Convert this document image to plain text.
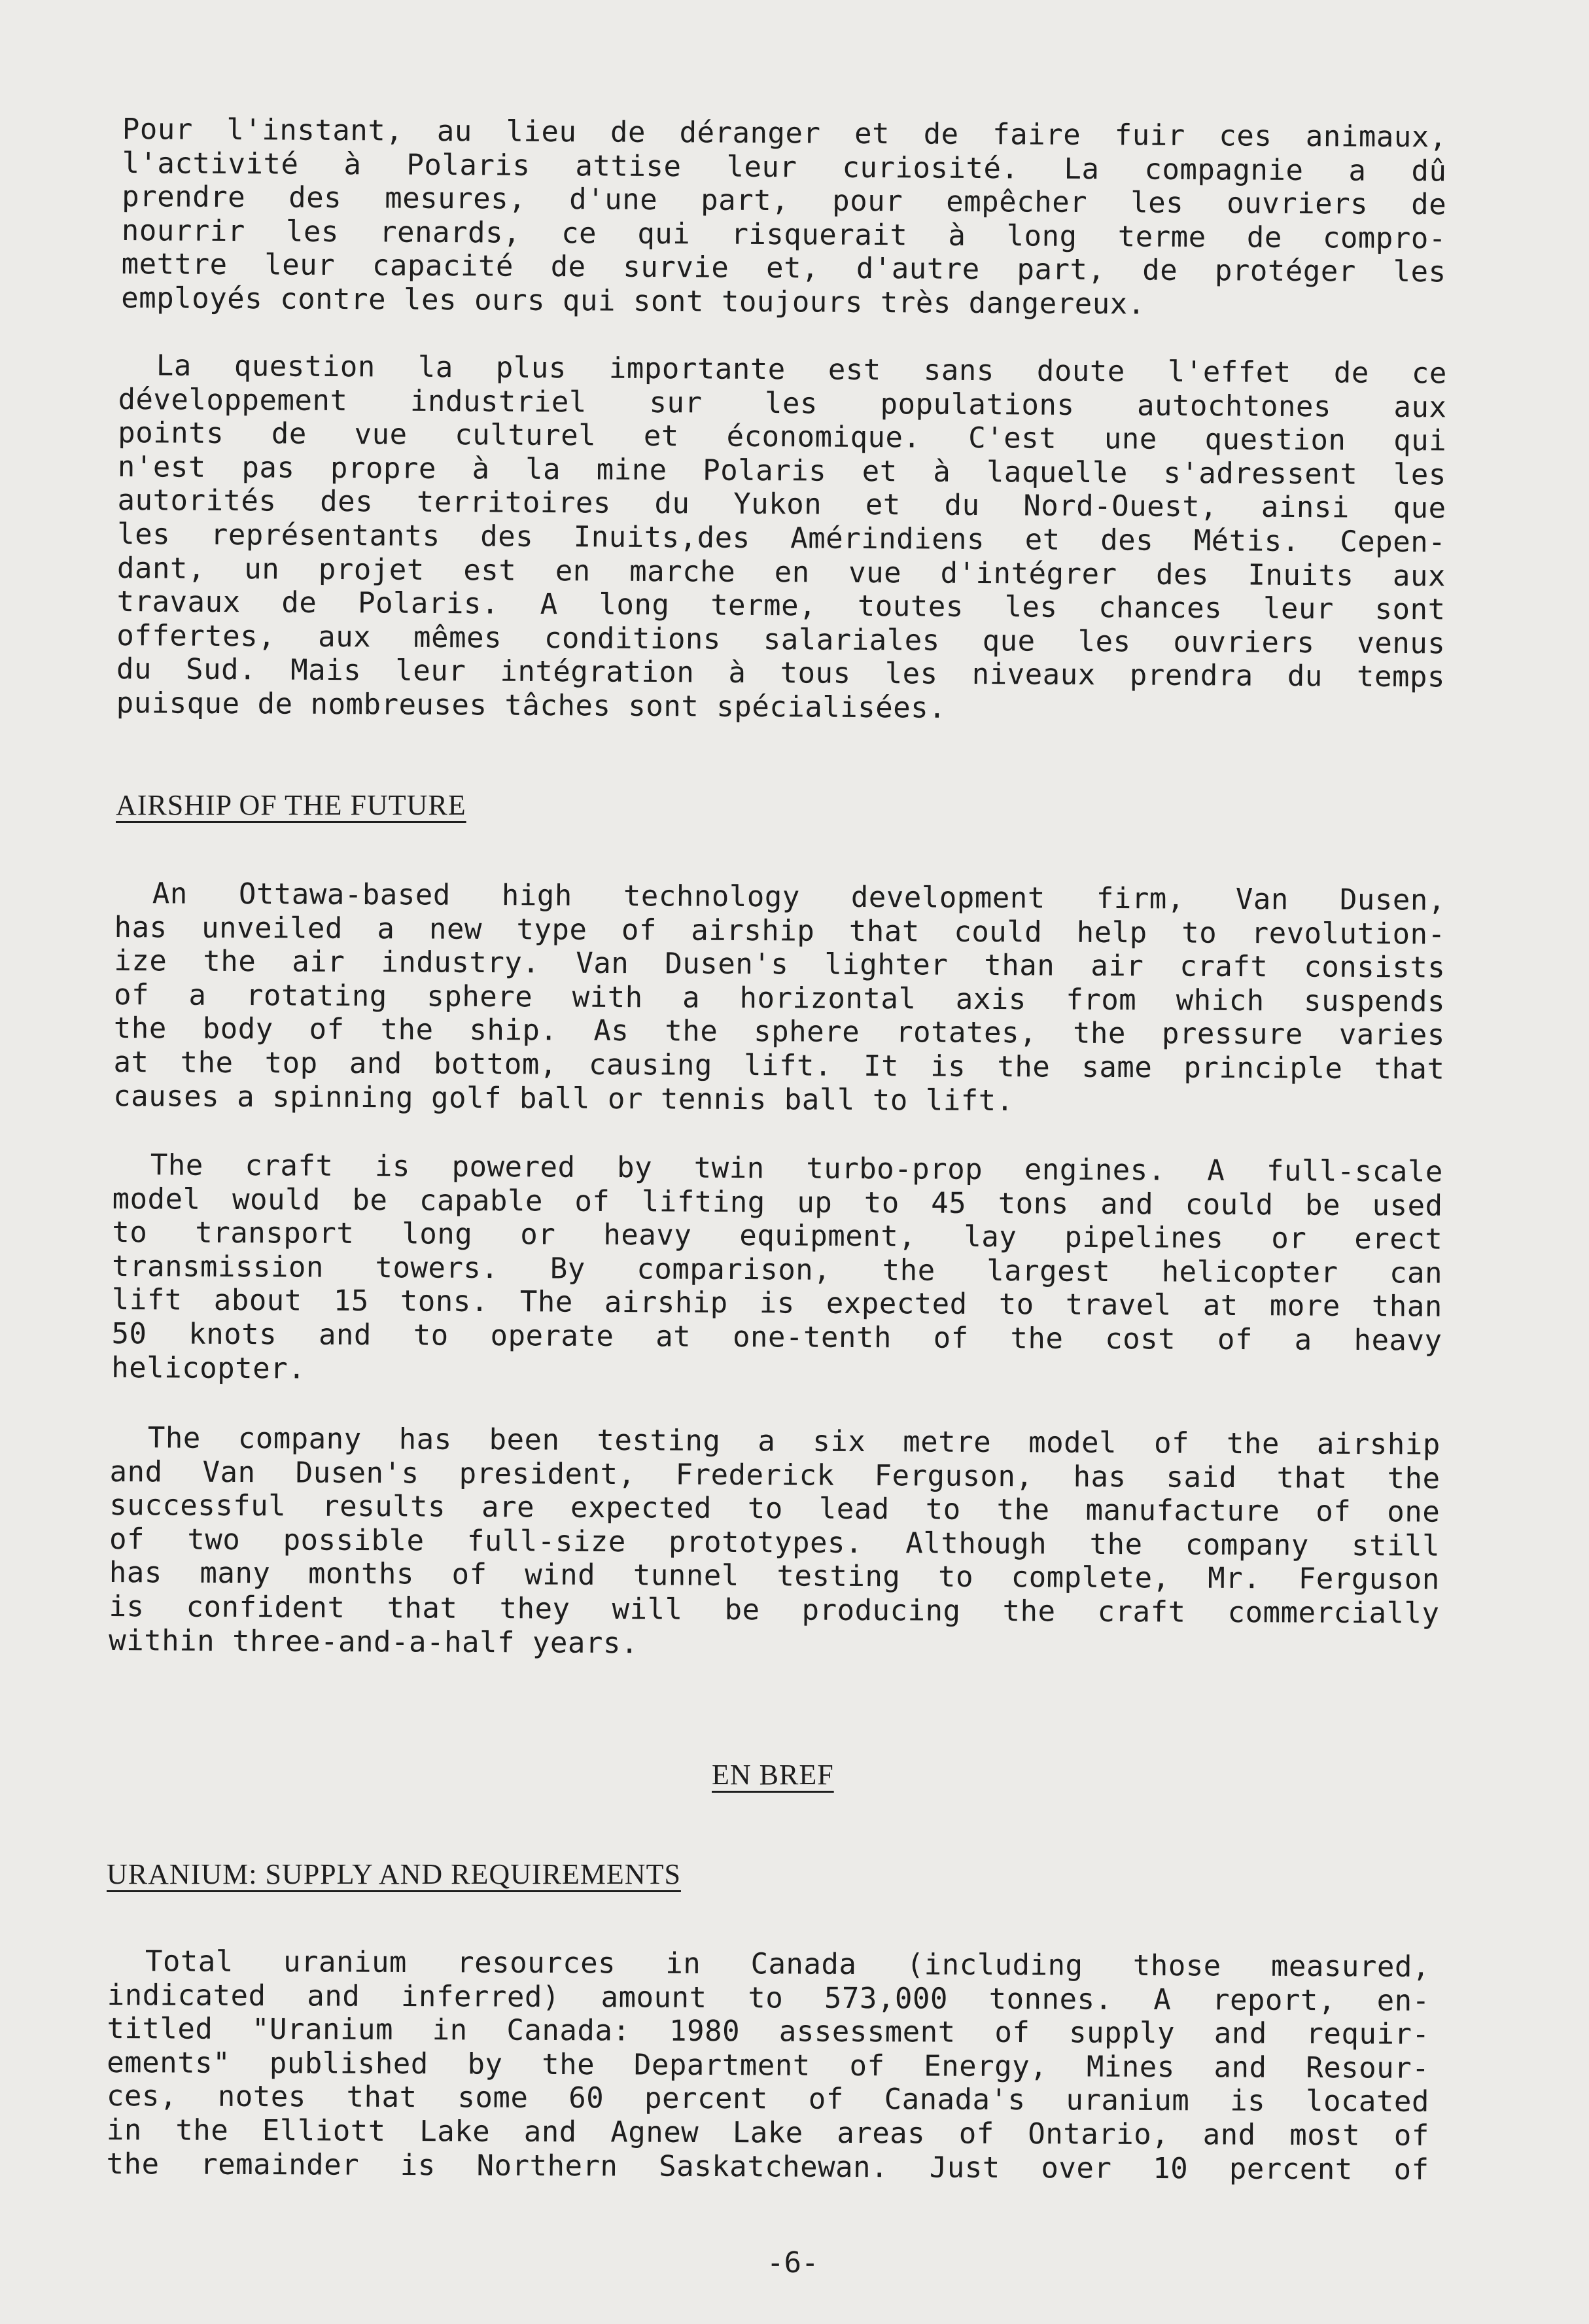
Pour l'instant, au lieu de déranger et de faire fuir ces animaux,
l'activité à Polaris attise leur curiosité. La compagnie a dû
prendre des mesures, d'une part, pour empêcher les ouvriers de
nourrir les renards, ce qui risquerait à long terme de compro-
mettre leur capacité de survie et, d'autre part, de protéger les
employés contre les ours qui sont toujours très dangereux.
La question la plus importante est sans doute l'effet de ce
développement industriel sur les populations autochtones aux
points de vue culturel et économique. C'est une question qui
n'est pas propre à la mine Polaris et à laquelle s'adressent les
autorités des territoires du Yukon et du Nord-Ouest, ainsi que
les représentants des Inuits,des Amérindiens et des Métis. Cepen-
dant, un projet est en marche en vue d'intégrer des Inuits aux
travaux de Polaris. A long terme, toutes les chances leur sont
offertes, aux mêmes conditions salariales que les ouvriers venus
du Sud. Mais leur intégration à tous les niveaux prendra du temps
puisque de nombreuses tâches sont spécialisées.
AIRSHIP OF THE FUTURE
An Ottawa-based high technology development firm, Van Dusen,
has unveiled a new type of airship that could help to revolution-
ize the air industry. Van Dusen's lighter than air craft consists
of a rotating sphere with a horizontal axis from which suspends
the body of the ship. As the sphere rotates, the pressure varies
at the top and bottom, causing lift. It is the same principle that
causes a spinning golf ball or tennis ball to lift.
The craft is powered by twin turbo-prop engines. A full-scale
model would be capable of lifting up to 45 tons and could be used
to transport long or heavy equipment, lay pipelines or erect
transmission towers. By comparison, the largest helicopter can
lift about 15 tons. The airship is expected to travel at more than
50 knots and to operate at one-tenth of the cost of a heavy
helicopter.
The company has been testing a six metre model of the airship
and Van Dusen's president, Frederick Ferguson, has said that the
successful results are expected to lead to the manufacture of one
of two possible full-size prototypes. Although the company still
has many months of wind tunnel testing to complete, Mr. Ferguson
is confident that they will be producing the craft commercially
within three-and-a-half years.
EN BREF
URANIUM: SUPPLY AND REQUIREMENTS
Total uranium resources in Canada (including those measured,
indicated and inferred) amount to 573,000 tonnes. A report, en-
titled "Uranium in Canada: 1980 assessment of supply and requir-
ements" published by the Department of Energy, Mines and Resour-
ces, notes that some 60 percent of Canada's uranium is located
in the Elliott Lake and Agnew Lake areas of Ontario, and most of
the remainder is Northern Saskatchewan. Just over 10 percent of
-6-
